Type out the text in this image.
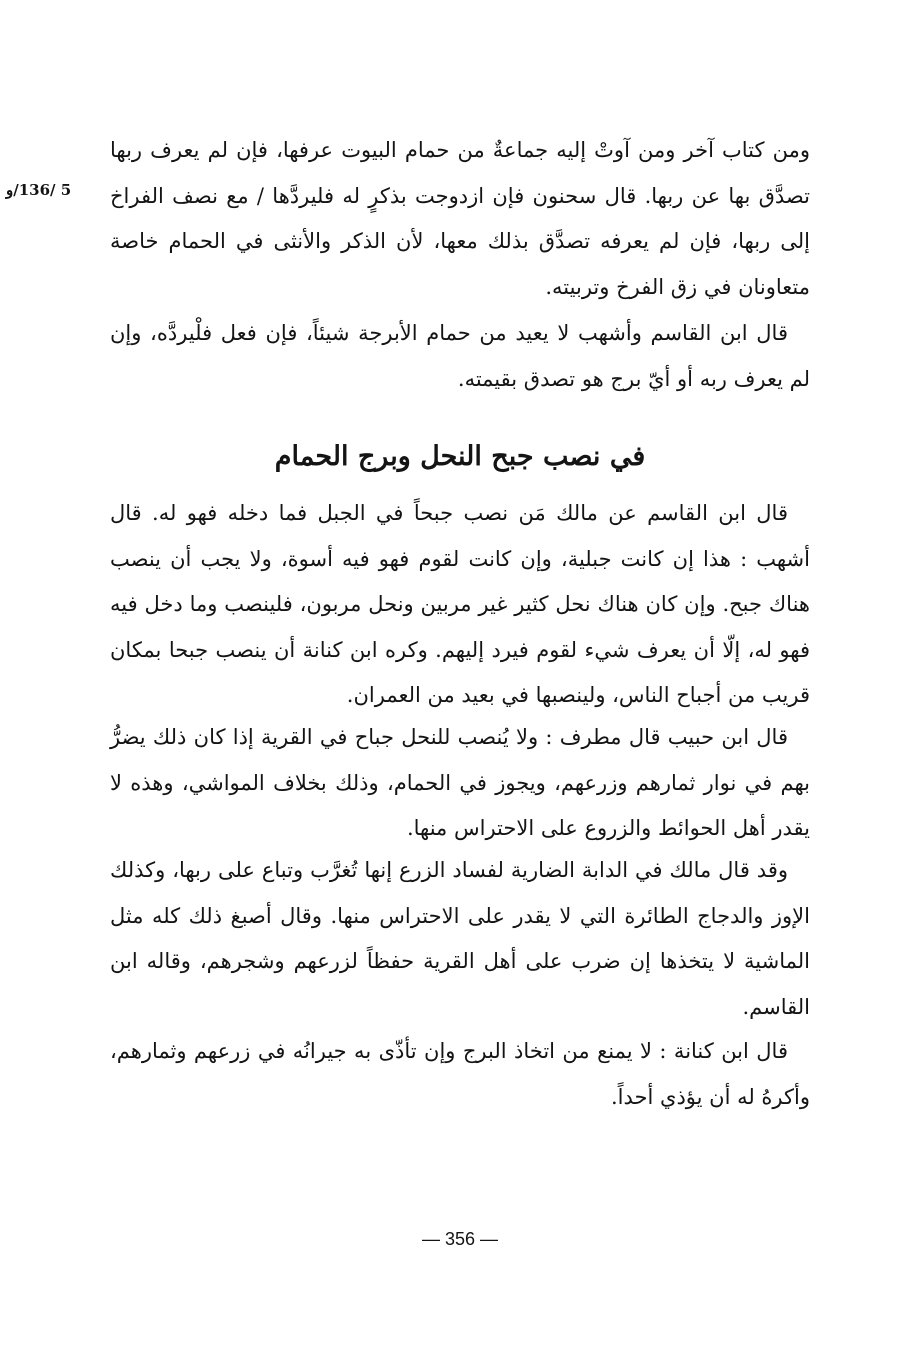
5 /136/و
ومن كتاب آخر ومن آوتْ إليه جماعةٌ من حمام البيوت عرفها، فإن لم يعرف ربها تصدَّق بها عن ربها. قال سحنون فإن ازدوجت بذكرٍ له فليردَّها / مع نصف الفراخ إلى ربها، فإن لم يعرفه تصدَّق بذلك معها، لأن الذكر والأنثى في الحمام خاصة متعاونان في زق الفرخ وتربيته.
قال ابن القاسم وأشهب لا يعيد من حمام الأبرجة شيئاً، فإن فعل فلْيردَّه، وإن لم يعرف ربه أو أيّ برج هو تصدق بقيمته.
في نصب جبح النحل وبرج الحمام
قال ابن القاسم عن مالك مَن نصب جبحاً في الجبل فما دخله فهو له. قال أشهب : هذا إن كانت جبلية، وإن كانت لقوم فهو فيه أسوة، ولا يجب أن ينصب هناك جبح. وإن كان هناك نحل كثير غير مربين ونحل مربون، فلينصب وما دخل فيه فهو له، إلّا أن يعرف شيء لقوم فيرد إليهم. وكره ابن كنانة أن ينصب جبحا بمكان قريب من أجباح الناس، ولينصبها في بعيد من العمران.
قال ابن حبيب قال مطرف : ولا يُنصب للنحل جباح في القرية إذا كان ذلك يضرُّ بهم في نوار ثمارهم وزرعهم، ويجوز في الحمام، وذلك بخلاف المواشي، وهذه لا يقدر أهل الحوائط والزروع على الاحتراس منها.
وقد قال مالك في الدابة الضارية لفساد الزرع إنها تُغرَّب وتباع على ربها، وكذلك الإوز والدجاج الطائرة التي لا يقدر على الاحتراس منها. وقال أصبغ ذلك كله مثل الماشية لا يتخذها إن ضرب على أهل القرية حفظاً لزرعهم وشجرهم، وقاله ابن القاسم.
قال ابن كنانة : لا يمنع من اتخاذ البرج وإن تأذّى به جيرانُه في زرعهم وثمارهم، وأكرهُ له أن يؤذي أحداً.
— 356 —
